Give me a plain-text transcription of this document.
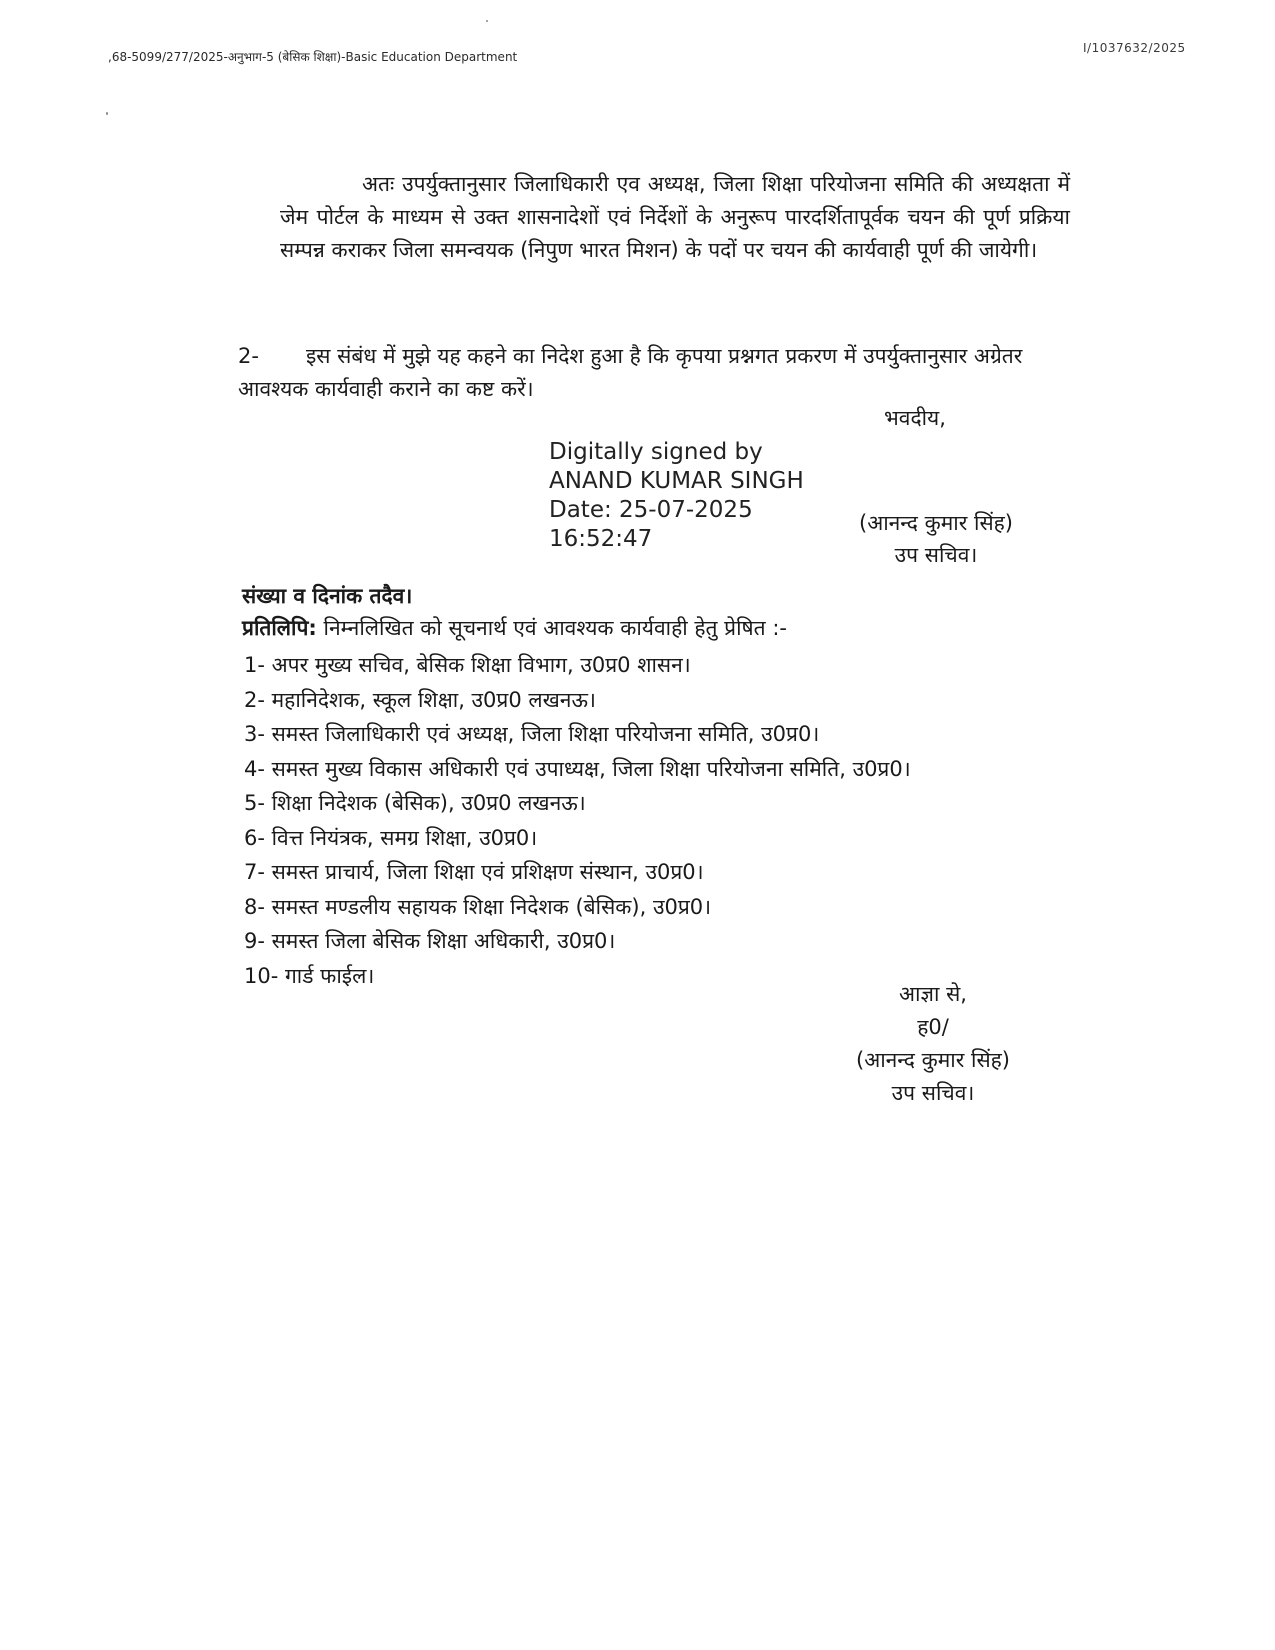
,68-5099/277/2025-अनुभाग-5 (बेसिक शिक्षा)-Basic Education Department
I/1037632/2025

अतः उपर्युक्तानुसार जिलाधिकारी एव अध्यक्ष, जिला शिक्षा परियोजना समिति की अध्यक्षता में जेम पोर्टल के माध्यम से उक्त शासनादेशों एवं निर्देशों के अनुरूप पारदर्शितापूर्वक चयन की पूर्ण प्रक्रिया सम्पन्न कराकर जिला समन्वयक (निपुण भारत मिशन) के पदों पर चयन की कार्यवाही पूर्ण की जायेगी।

2- इस संबंध में मुझे यह कहने का निदेश हुआ है कि कृपया प्रश्नगत प्रकरण में उपर्युक्तानुसार अग्रेतर आवश्यक कार्यवाही कराने का कष्ट करें।

भवदीय,
Digitally signed by
ANAND KUMAR SINGH
Date: 25-07-2025
16:52:47
(आनन्द कुमार सिंह)
उप सचिव।
संख्या व दिनांक तदैव।
प्रतिलिपि: निम्नलिखित को सूचनार्थ एवं आवश्यक कार्यवाही हेतु प्रेषित :-
1- अपर मुख्य सचिव, बेसिक शिक्षा विभाग, उ0प्र0 शासन।
2- महानिदेशक, स्कूल शिक्षा, उ0प्र0 लखनऊ।
3- समस्त जिलाधिकारी एवं अध्यक्ष, जिला शिक्षा परियोजना समिति, उ0प्र0।
4- समस्त मुख्य विकास अधिकारी एवं उपाध्यक्ष, जिला शिक्षा परियोजना समिति, उ0प्र0।
5- शिक्षा निदेशक (बेसिक), उ0प्र0 लखनऊ।
6- वित्त नियंत्रक, समग्र शिक्षा, उ0प्र0।
7- समस्त प्राचार्य, जिला शिक्षा एवं प्रशिक्षण संस्थान, उ0प्र0।
8- समस्त मण्डलीय सहायक शिक्षा निदेशक (बेसिक), उ0प्र0।
9- समस्त जिला बेसिक शिक्षा अधिकारी, उ0प्र0।
10- गार्ड फाईल।
आज्ञा से,
ह0/
(आनन्द कुमार सिंह)
उप सचिव।
